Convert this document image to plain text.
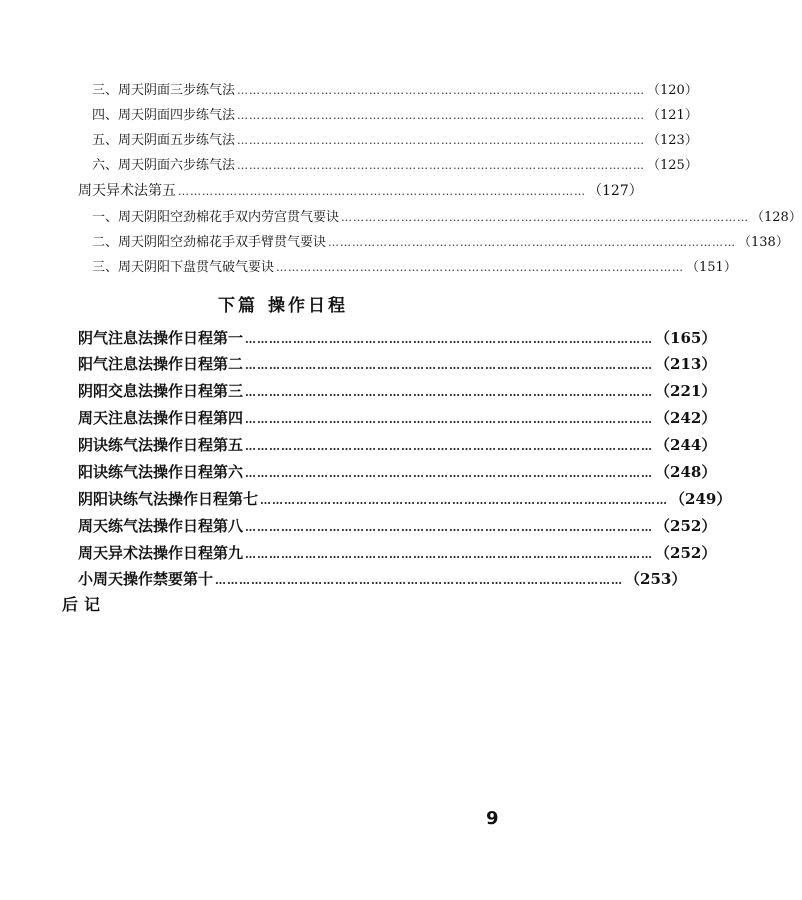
三、周天阴面三步练气法 ………………………………………………………………………………………… （120）
四、周天阴面四步练气法 ………………………………………………………………………………………… （121）
五、周天阴面五步练气法 ………………………………………………………………………………………… （123）
六、周天阴面六步练气法 ………………………………………………………………………………………… （125）
周天异术法第五 ………………………………………………………………………………………… （127）
一、周天阴阳空劲棉花手双内劳宫贯气要诀 ………………………………………………………………………………………… （128）
二、周天阴阳空劲棉花手双手臂贯气要诀 ………………………………………………………………………………………… （138）
三、周天阴阳下盘贯气破气要诀 ………………………………………………………………………………………… （151）
下篇 操作日程
阴气注息法操作日程第一 ………………………………………………………………………………………… （165）
阳气注息法操作日程第二 ………………………………………………………………………………………… （213）
阴阳交息法操作日程第三 ………………………………………………………………………………………… （221）
周天注息法操作日程第四 ………………………………………………………………………………………… （242）
阴诀练气法操作日程第五 ………………………………………………………………………………………… （244）
阳诀练气法操作日程第六 ………………………………………………………………………………………… （248）
阴阳诀练气法操作日程第七 ………………………………………………………………………………………… （249）
周天练气法操作日程第八 ………………………………………………………………………………………… （252）
周天异术法操作日程第九 ………………………………………………………………………………………… （252）
小周天操作禁要第十 ………………………………………………………………………………………… （253）
后记
9
